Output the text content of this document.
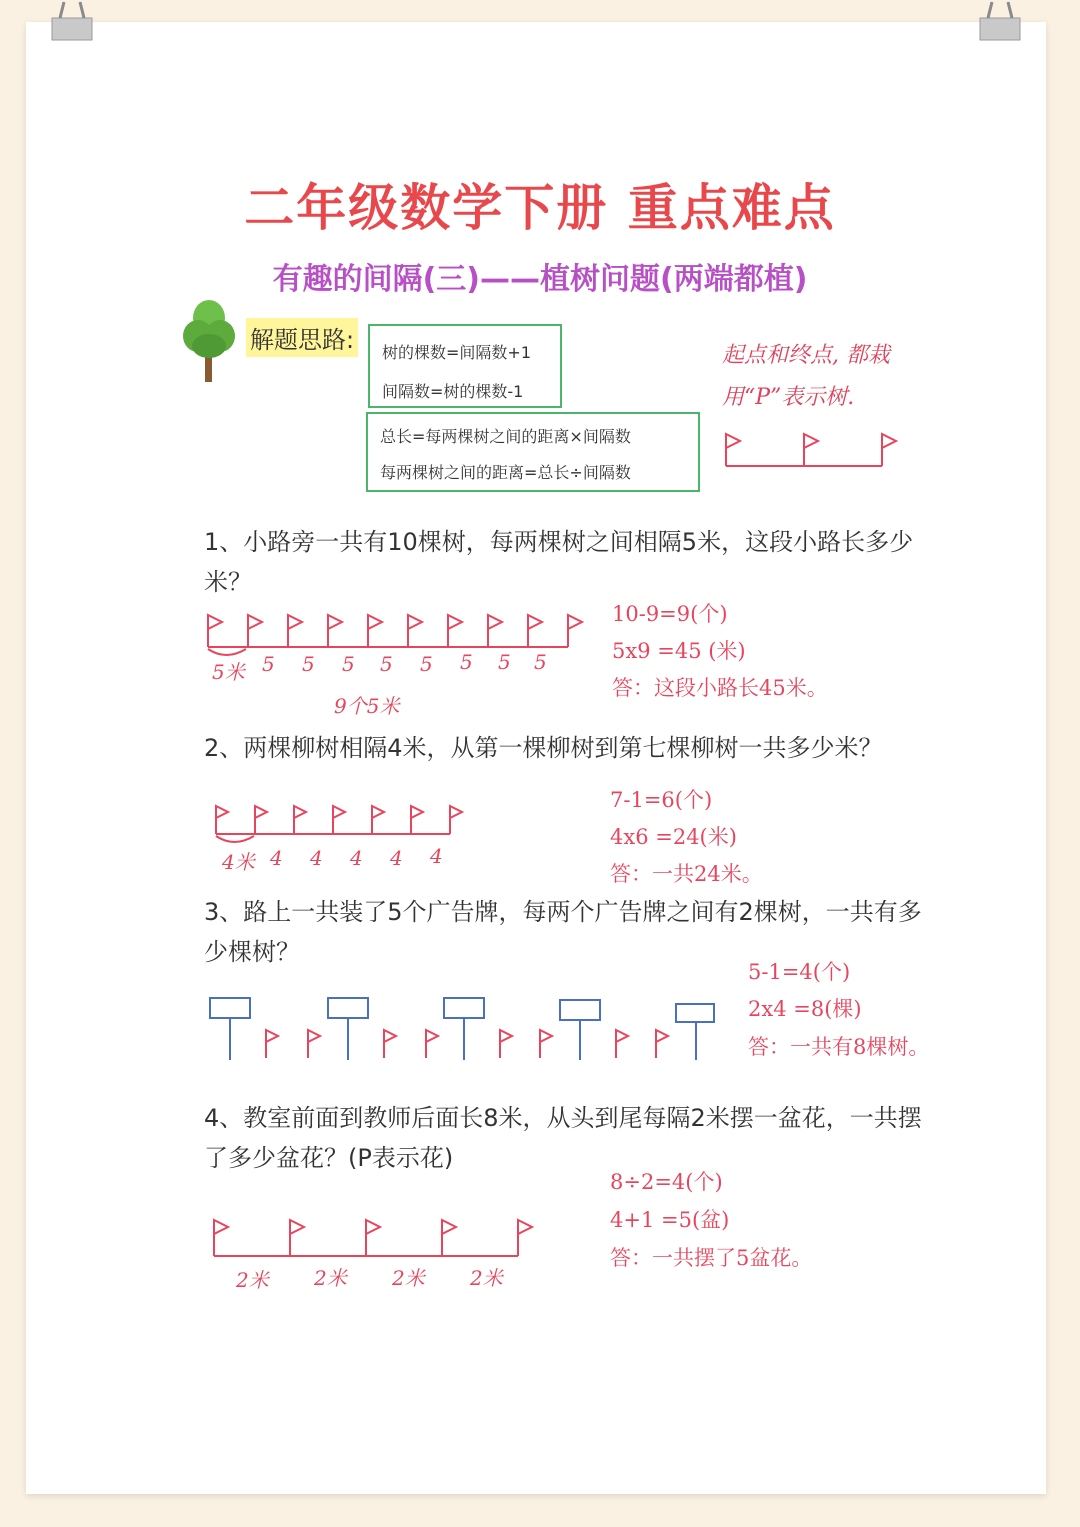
二年级数学下册 重点难点
有趣的间隔(三)——植树问题(两端都植)
解题思路: 树的棵数=间隔数+1
间隔数=树的棵数-1
总长=每两棵树之间的距离×间隔数
每两棵树之间的距离=总长÷间隔数
起点和终点, 都栽
用“P”表示树.
1、小路旁一共有10棵树，每两棵树之间相隔5米，这段小路长多少米？
5米 5 5 5 5 5 5 5 5
9个5米
10-9=9(个)
5x9 =45 (米)
答：这段小路长45米。
2、两棵柳树相隔4米，从第一棵柳树到第七棵柳树一共多少米？
4米 4 4 4 4 4
7-1=6(个)
4x6 =24(米)
答：一共24米。
3、路上一共装了5个广告牌，每两个广告牌之间有2棵树，一共有多少棵树？
5-1=4(个)
2x4 =8(棵)
答：一共有8棵树。
4、教室前面到教师后面长8米，从头到尾每隔2米摆一盆花，一共摆了多少盆花？(P表示花)
2米 2米 2米 2米
8÷2=4(个)
4+1 =5(盆)
答：一共摆了5盆花。
